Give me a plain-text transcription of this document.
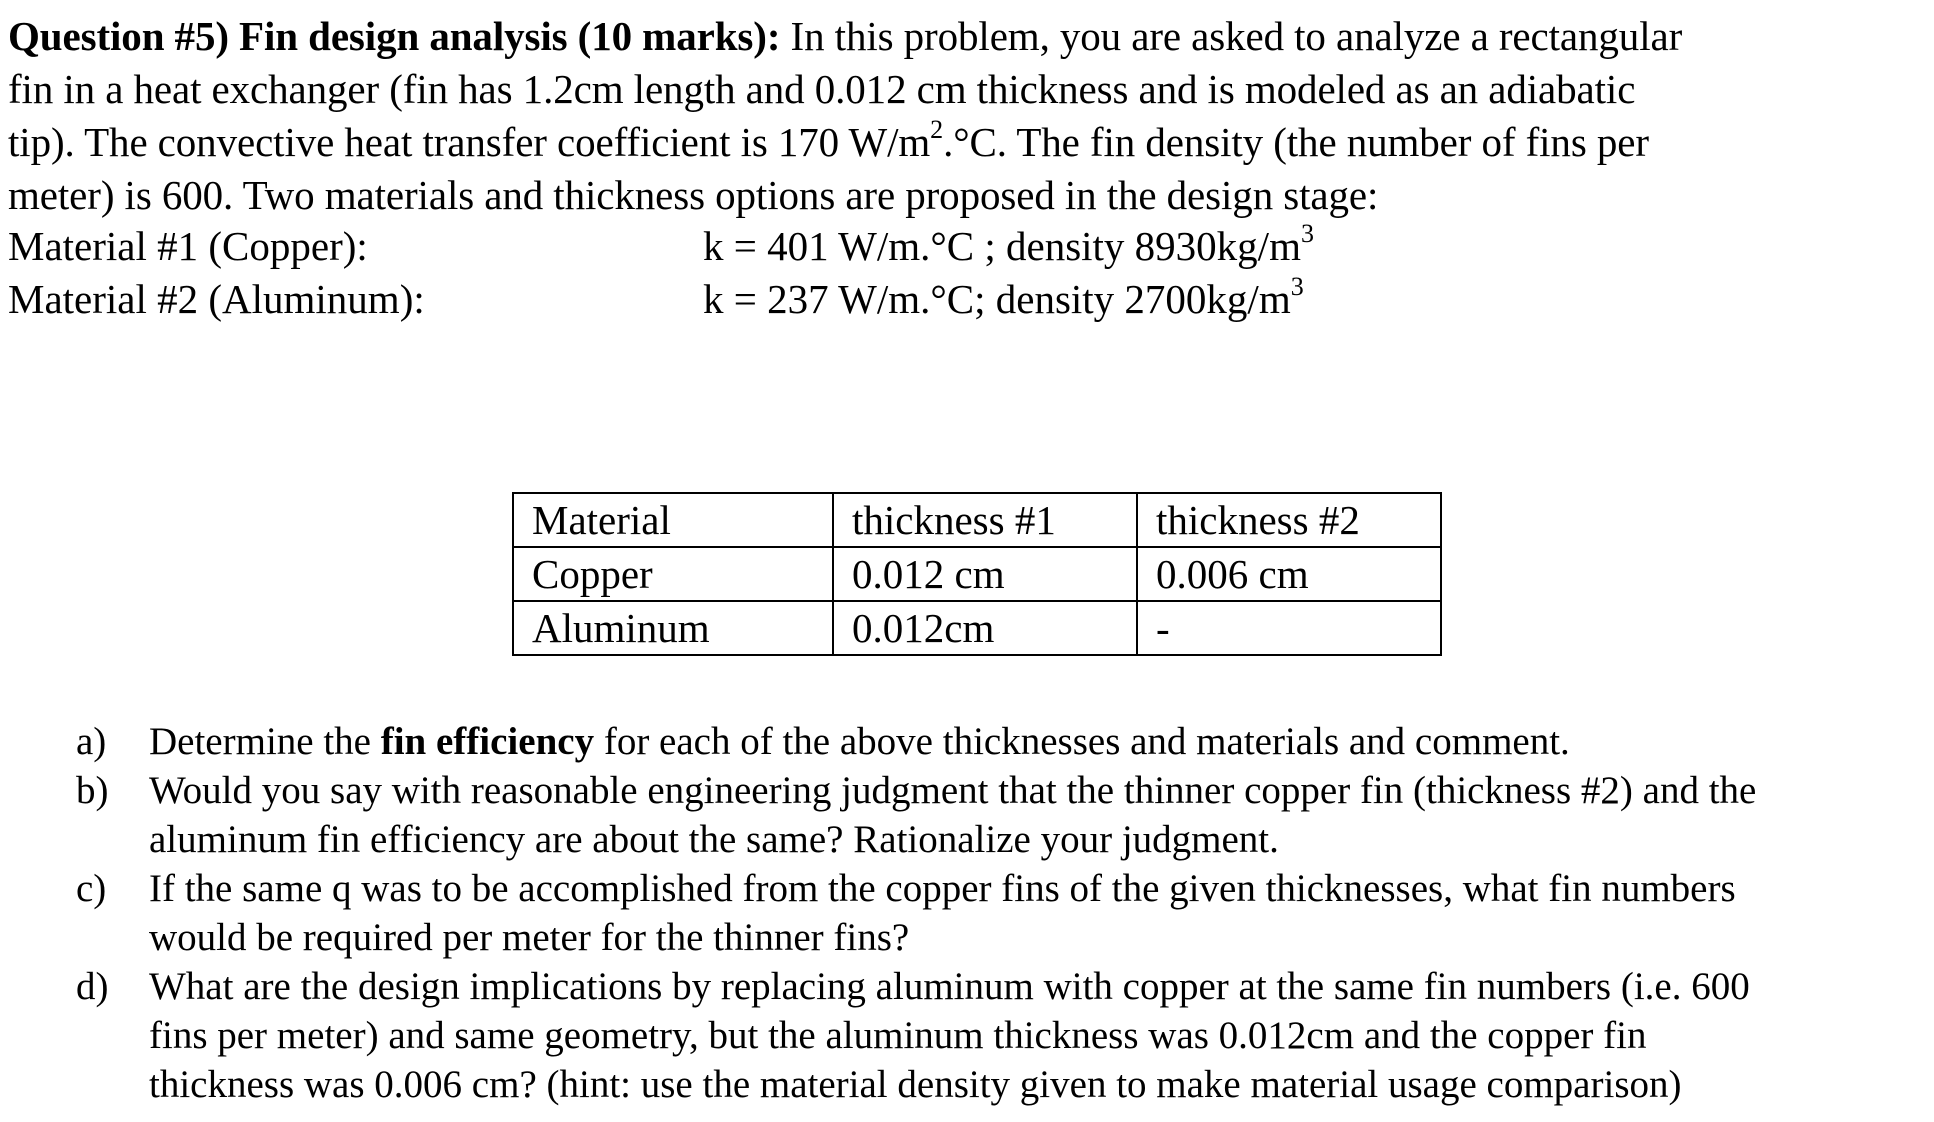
Question #5) Fin design analysis (10 marks): In this problem, you are asked to analyze a rectangular
fin in a heat exchanger (fin has 1.2cm length and 0.012 cm thickness and is modeled as an adiabatic
tip). The convective heat transfer coefficient is 170 $W/m^2.^\circ C$. The fin density (the number of fins per
meter) is 600. Two materials and thickness options are proposed in the design stage:
Material #1 (Copper):	k = 401 W/m.°C ; density $8930kg/m^3$
Material #2 (Aluminum):	k = 237 W/m.°C; density $2700kg/m^3$
Material	thickness #1	thickness #2
Copper	0.012 cm	0.006 cm
Aluminum	0.012cm	-
a) Determine the fin efficiency for each of the above thicknesses and materials and comment.
b) Would you say with reasonable engineering judgment that the thinner copper fin (thickness #2) and the
aluminum fin efficiency are about the same? Rationalize your judgment.
c) If the same q was to be accomplished from the copper fins of the given thicknesses, what fin numbers
would be required per meter for the thinner fins?
d) What are the design implications by replacing aluminum with copper at the same fin numbers (i.e. 600
fins per meter) and same geometry, but the aluminum thickness was 0.012cm and the copper fin
thickness was 0.006 cm? (hint: use the material density given to make material usage comparison)
